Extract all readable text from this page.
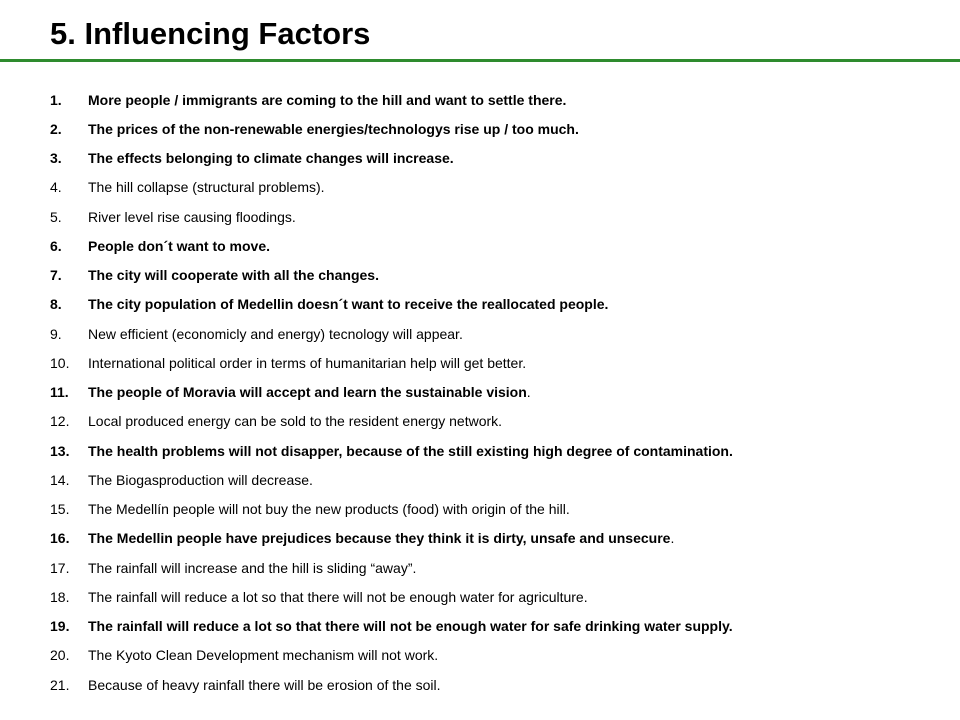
5. Influencing Factors
1.	More people / immigrants are coming to the hill and want to settle there.
2.	The prices of the non-renewable energies/technologys rise up / too much.
3.	The effects belonging to climate changes will increase.
4.	The hill collapse (structural problems).
5.	River level rise causing floodings.
6.	People don´t want to move.
7.	The city will cooperate with all the changes.
8.	The city population of Medellin doesn´t want to receive the reallocated people.
9.	New efficient (economicly and energy) tecnology will appear.
10.	International political order in terms of humanitarian help will get better.
11.	The people of Moravia will accept and learn the sustainable vision .
12.	Local produced energy can be sold to the resident energy network.
13.	The health problems will not disapper, because of the still existing high degree of contamination.
14.	The Biogasproduction will decrease.
15.	The Medellín people will not buy the new products (food) with origin of the hill.
16.	The Medellin people have prejudices because they think it is dirty, unsafe and unsecure .
17.	The rainfall will increase and the hill is sliding “away”.
18.	The rainfall will reduce a lot so that there will not be enough water for agriculture.
19.	The rainfall will reduce a lot so that there will not be enough water for safe drinking water supply.
20.	The Kyoto Clean Development mechanism will not work.
21.	Because of heavy rainfall there will be erosion of the soil.
